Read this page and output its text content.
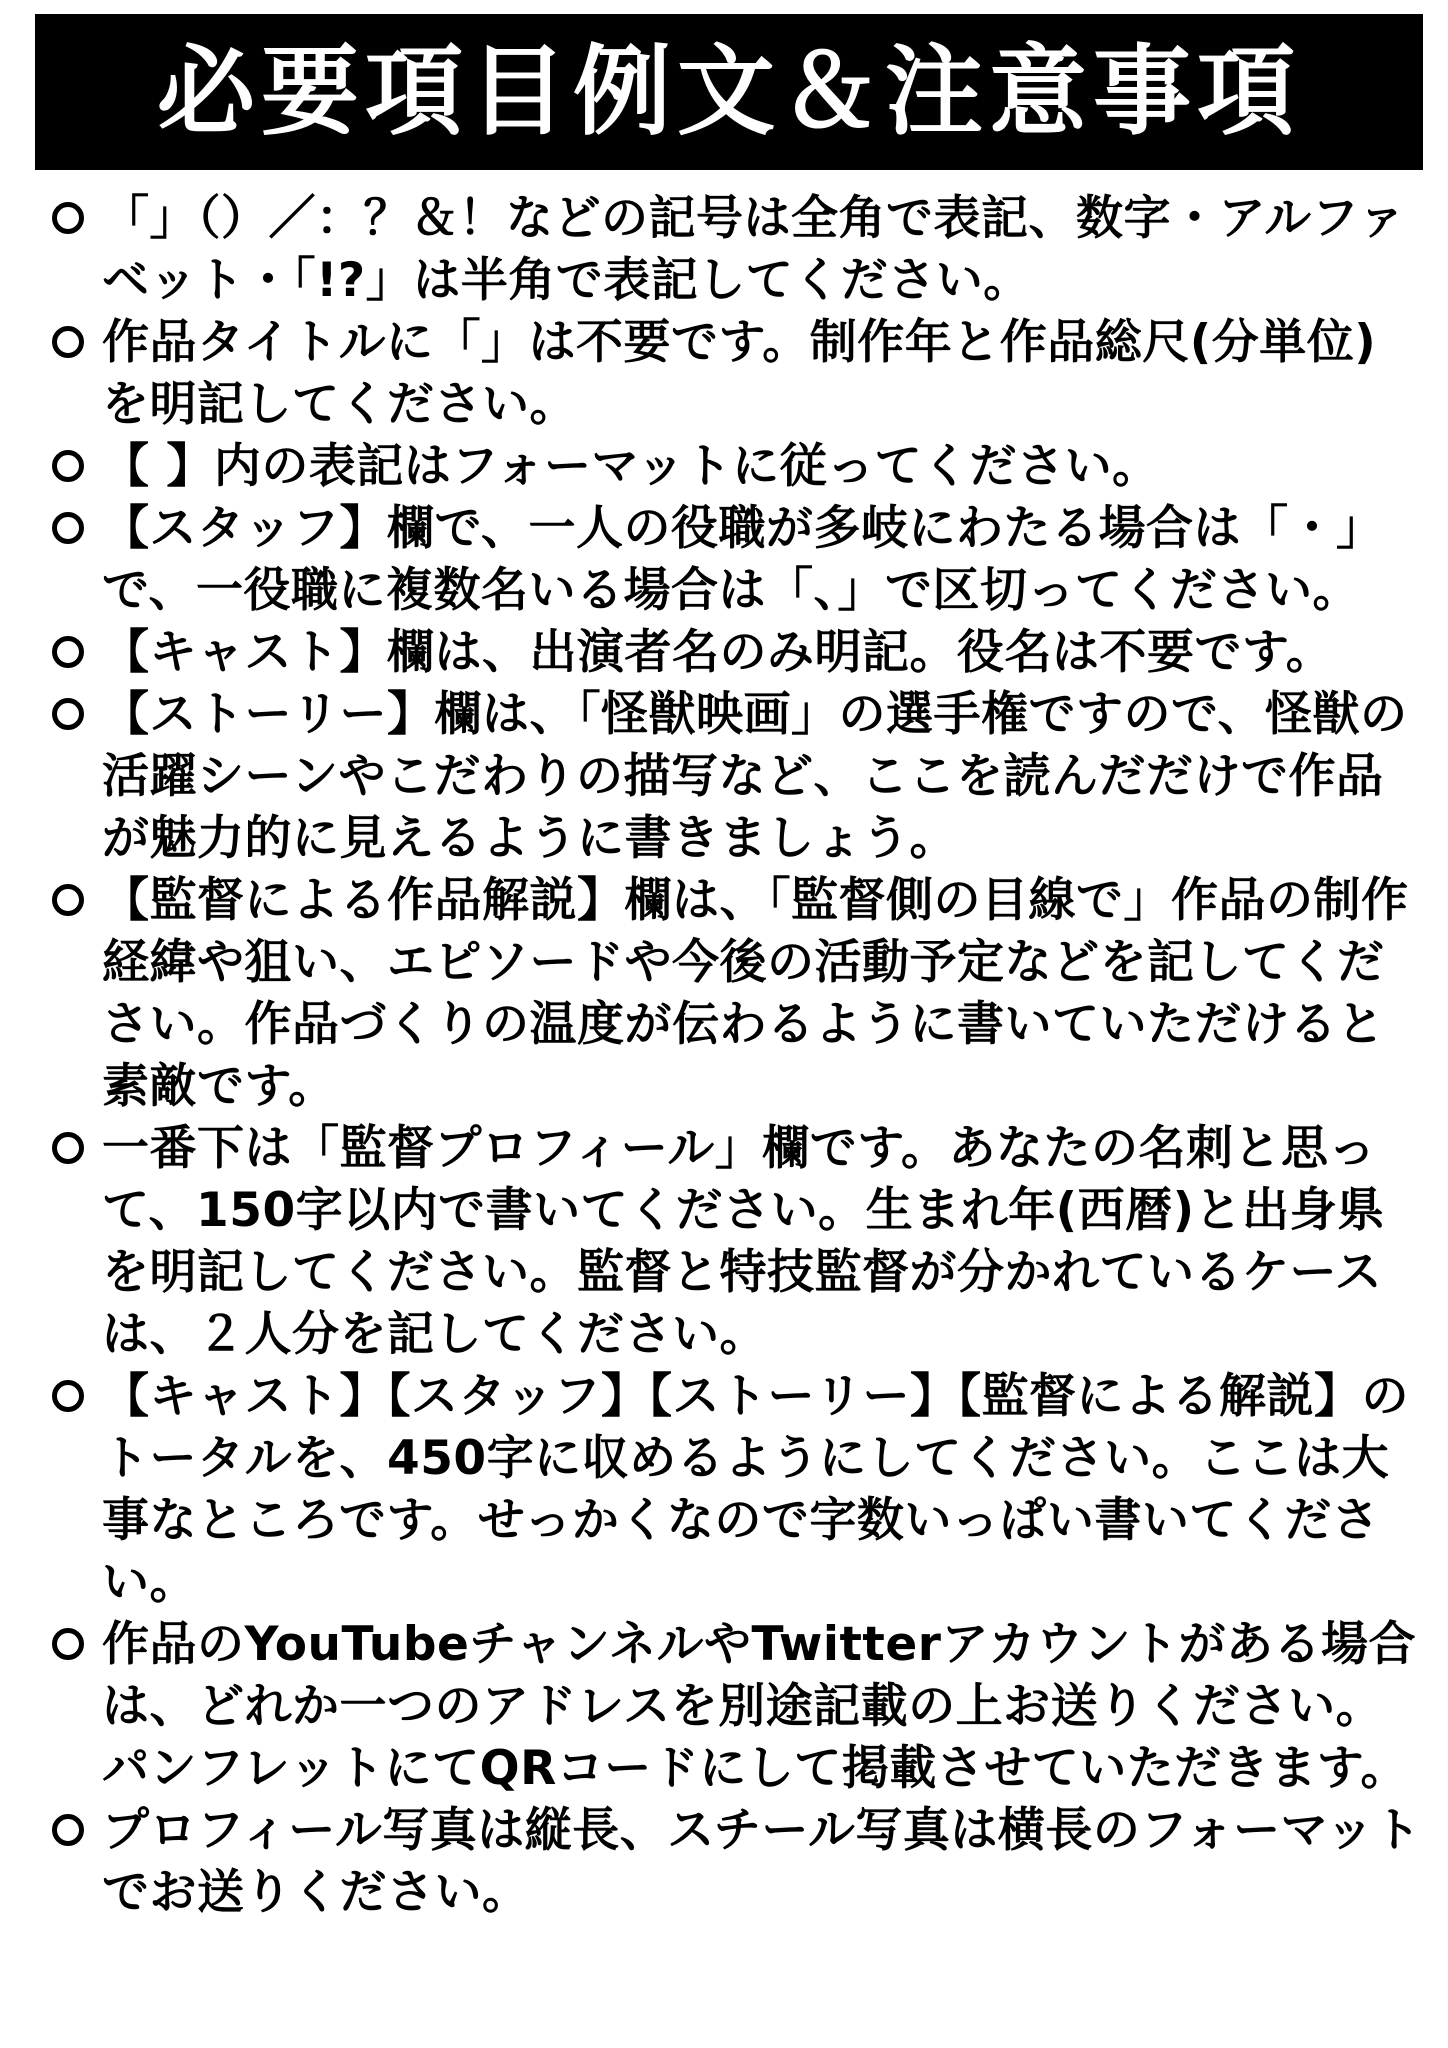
必要項目例文＆注意事項
「」（）／：？＆！などの記号は全角で表記、数字・アルファベット・「!?」は半角で表記してください。
作品タイトルに「」は不要です。制作年と作品総尺(分単位)を明記してください。
【 】内の表記はフォーマットに従ってください。
【スタッフ】欄で、一人の役職が多岐にわたる場合は「・」で、一役職に複数名いる場合は「、」で区切ってください。
【キャスト】欄は、出演者名のみ明記。役名は不要です。
【ストーリー】欄は、「怪獣映画」の選手権ですので、怪獣の活躍シーンやこだわりの描写など、ここを読んだだけで作品が魅力的に見えるように書きましょう。
【監督による作品解説】欄は、「監督側の目線で」作品の制作経緯や狙い、エピソードや今後の活動予定などを記してください。作品づくりの温度が伝わるように書いていただけると素敵です。
一番下は「監督プロフィール」欄です。あなたの名刺と思って、150字以内で書いてください。生まれ年(西暦)と出身県を明記してください。監督と特技監督が分かれているケースは、２人分を記してください。
【キャスト】【スタッフ】【ストーリー】【監督による解説】のトータルを、450字に収めるようにしてください。ここは大事なところです。せっかくなので字数いっぱい書いてください。
作品のYouTubeチャンネルやTwitterアカウントがある場合は、どれか一つのアドレスを別途記載の上お送りください。パンフレットにてQRコードにして掲載させていただきます。
プロフィール写真は縦長、スチール写真は横長のフォーマットでお送りください。
